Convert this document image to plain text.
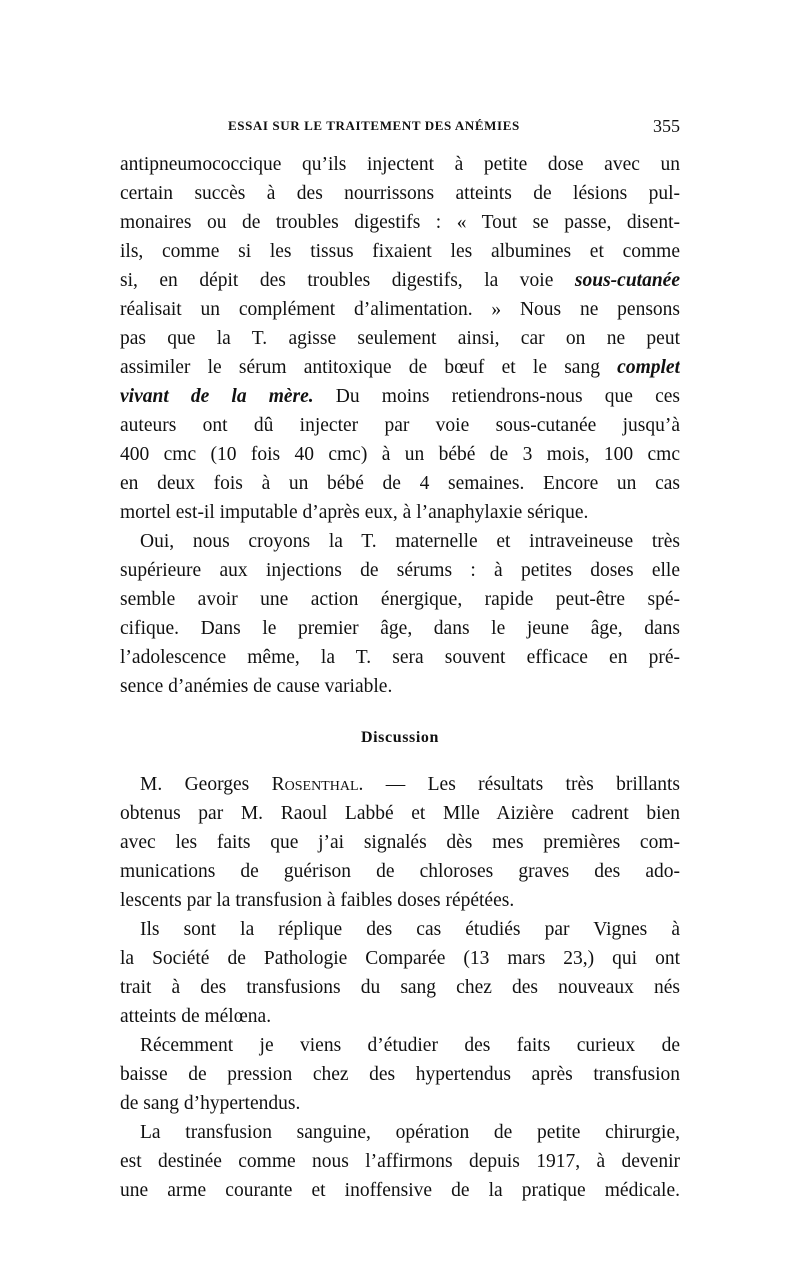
ESSAI SUR LE TRAITEMENT DES ANÉMIES	355
antipneumococcique qu’ils injectent à petite dose avec un
certain succès à des nourrissons atteints de lésions pul-
monaires ou de troubles digestifs : « Tout se passe, disent-
ils, comme si les tissus fixaient les albumines et comme
si, en dépit des troubles digestifs, la voie sous-cutanée
réalisait un complément d’alimentation. » Nous ne pensons
pas que la T. agisse seulement ainsi, car on ne peut
assimiler le sérum antitoxique de bœuf et le sang complet
vivant de la mère. Du moins retiendrons-nous que ces
auteurs ont dû injecter par voie sous-cutanée jusqu’à
400 cmc (10 fois 40 cmc) à un bébé de 3 mois, 100 cmc
en deux fois à un bébé de 4 semaines. Encore un cas
mortel est-il imputable d’après eux, à l’anaphylaxie sérique.
Oui, nous croyons la T. maternelle et intraveineuse très
supérieure aux injections de sérums : à petites doses elle
semble avoir une action énergique, rapide peut-être spé-
cifique. Dans le premier âge, dans le jeune âge, dans
l’adolescence même, la T. sera souvent efficace en pré-
sence d’anémies de cause variable.
Discussion
M. Georges Rosenthal. — Les résultats très brillants
obtenus par M. Raoul Labbé et Mlle Aizière cadrent bien
avec les faits que j’ai signalés dès mes premières com-
munications de guérison de chloroses graves des ado-
lescents par la transfusion à faibles doses répétées.
Ils sont la réplique des cas étudiés par Vignes à
la Société de Pathologie Comparée (13 mars 23,) qui ont
trait à des transfusions du sang chez des nouveaux nés
atteints de mélœna.
Récemment je viens d’étudier des faits curieux de
baisse de pression chez des hypertendus après transfusion
de sang d’hypertendus.
La transfusion sanguine, opération de petite chirurgie,
est destinée comme nous l’affirmons depuis 1917, à devenir
une arme courante et inoffensive de la pratique médicale.
